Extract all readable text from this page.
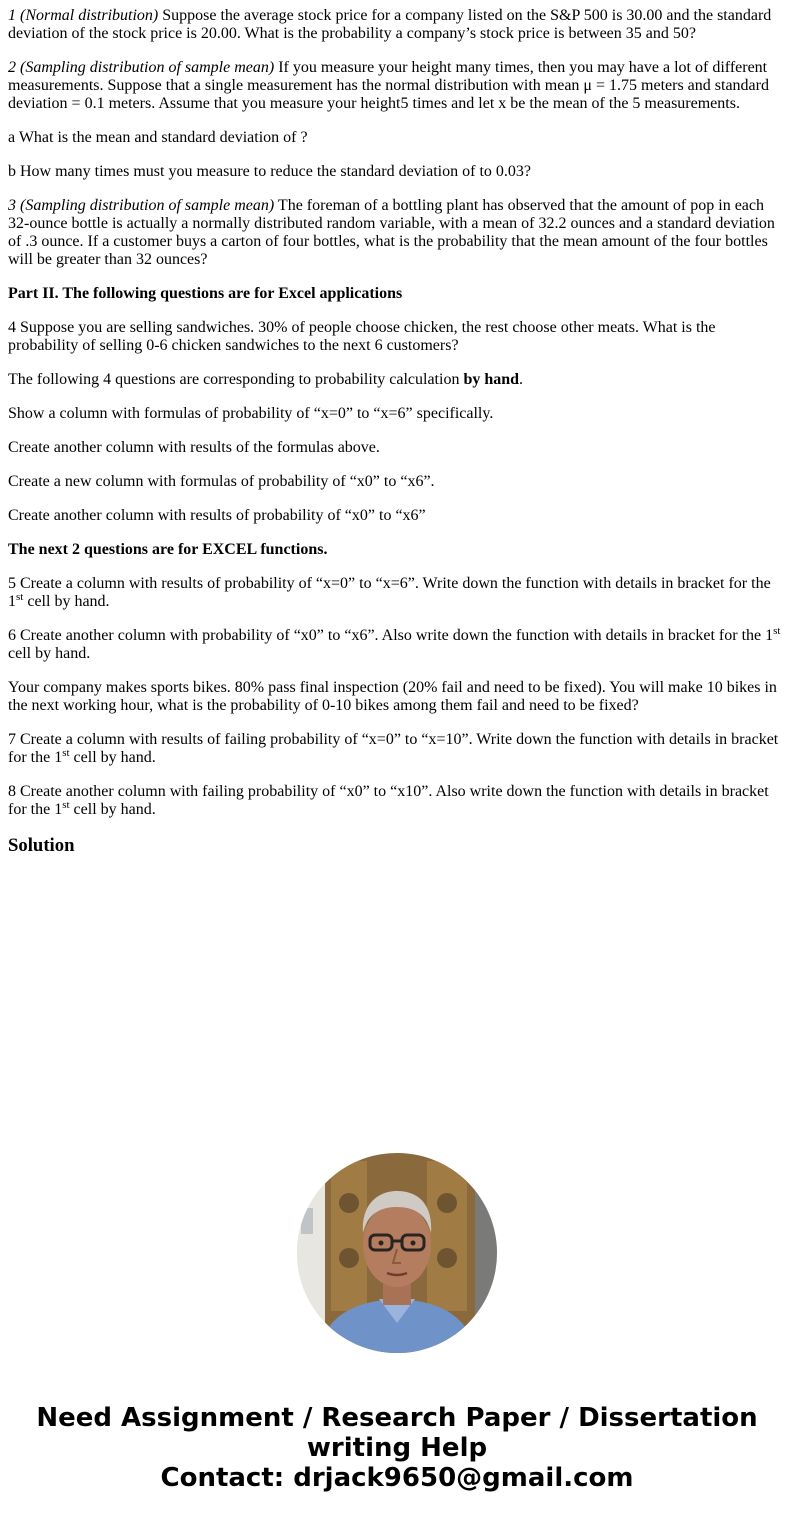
1 (Normal distribution) Suppose the average stock price for a company listed on the S&P 500 is 30.00 and the standard deviation of the stock price is 20.00. What is the probability a company’s stock price is between 35 and 50?

2 (Sampling distribution of sample mean) If you measure your height many times, then you may have a lot of different measurements. Suppose that a single measurement has the normal distribution with mean μ = 1.75 meters and standard deviation = 0.1 meters. Assume that you measure your height5 times and let x be the mean of the 5 measurements.

a What is the mean and standard deviation of ?

b How many times must you measure to reduce the standard deviation of to 0.03?

3 (Sampling distribution of sample mean) The foreman of a bottling plant has observed that the amount of pop in each 32-ounce bottle is actually a normally distributed random variable, with a mean of 32.2 ounces and a standard deviation of .3 ounce. If a customer buys a carton of four bottles, what is the probability that the mean amount of the four bottles will be greater than 32 ounces?

Part II. The following questions are for Excel applications

4 Suppose you are selling sandwiches. 30% of people choose chicken, the rest choose other meats. What is the probability of selling 0-6 chicken sandwiches to the next 6 customers?

The following 4 questions are corresponding to probability calculation by hand.

Show a column with formulas of probability of “x=0” to “x=6” specifically.

Create another column with results of the formulas above.

Create a new column with formulas of probability of “x0” to “x6”.

Create another column with results of probability of “x0” to “x6”

The next 2 questions are for EXCEL functions.

5 Create a column with results of probability of “x=0” to “x=6”. Write down the function with details in bracket for the 1st cell by hand.

6 Create another column with probability of “x0” to “x6”. Also write down the function with details in bracket for the 1st cell by hand.

Your company makes sports bikes. 80% pass final inspection (20% fail and need to be fixed). You will make 10 bikes in the next working hour, what is the probability of 0-10 bikes among them fail and need to be fixed?

7 Create a column with results of failing probability of “x=0” to “x=10”. Write down the function with details in bracket for the 1st cell by hand.

8 Create another column with failing probability of “x0” to “x10”. Also write down the function with details in bracket for the 1st cell by hand.

Solution
Need Assignment / Research Paper / Dissertation
writing Help
Contact: drjack9650@gmail.com
